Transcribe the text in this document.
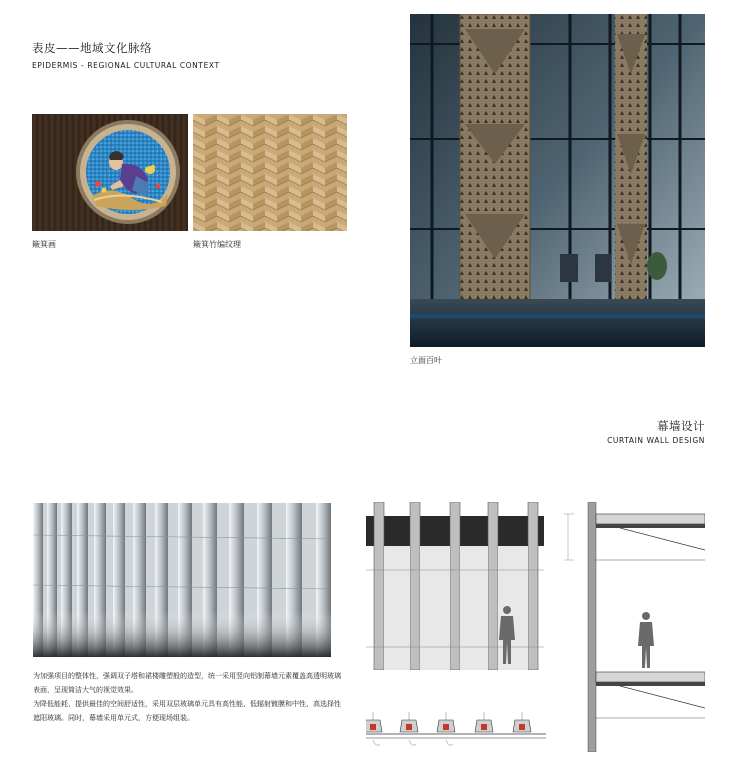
表皮——地域文化脉络
EPIDERMIS - REGIONAL CULTURAL CONTEXT
簸箕画	簸箕竹编纹理
立面百叶
幕墙设计
CURTAIN WALL DESIGN

为加强项目的整体性，强调双子塔和裙楼雕塑般的造型，统一采用竖向铝制幕墙元素覆盖高透明玻璃表面，呈现简洁大气的视觉效果。

为降低能耗、提供最佳的空间舒适性，采用双层玻璃单元具有高性能、低辐射镀膜和中性、高选择性遮阳玻璃。同时，幕墙采用单元式，方便现场组装。
